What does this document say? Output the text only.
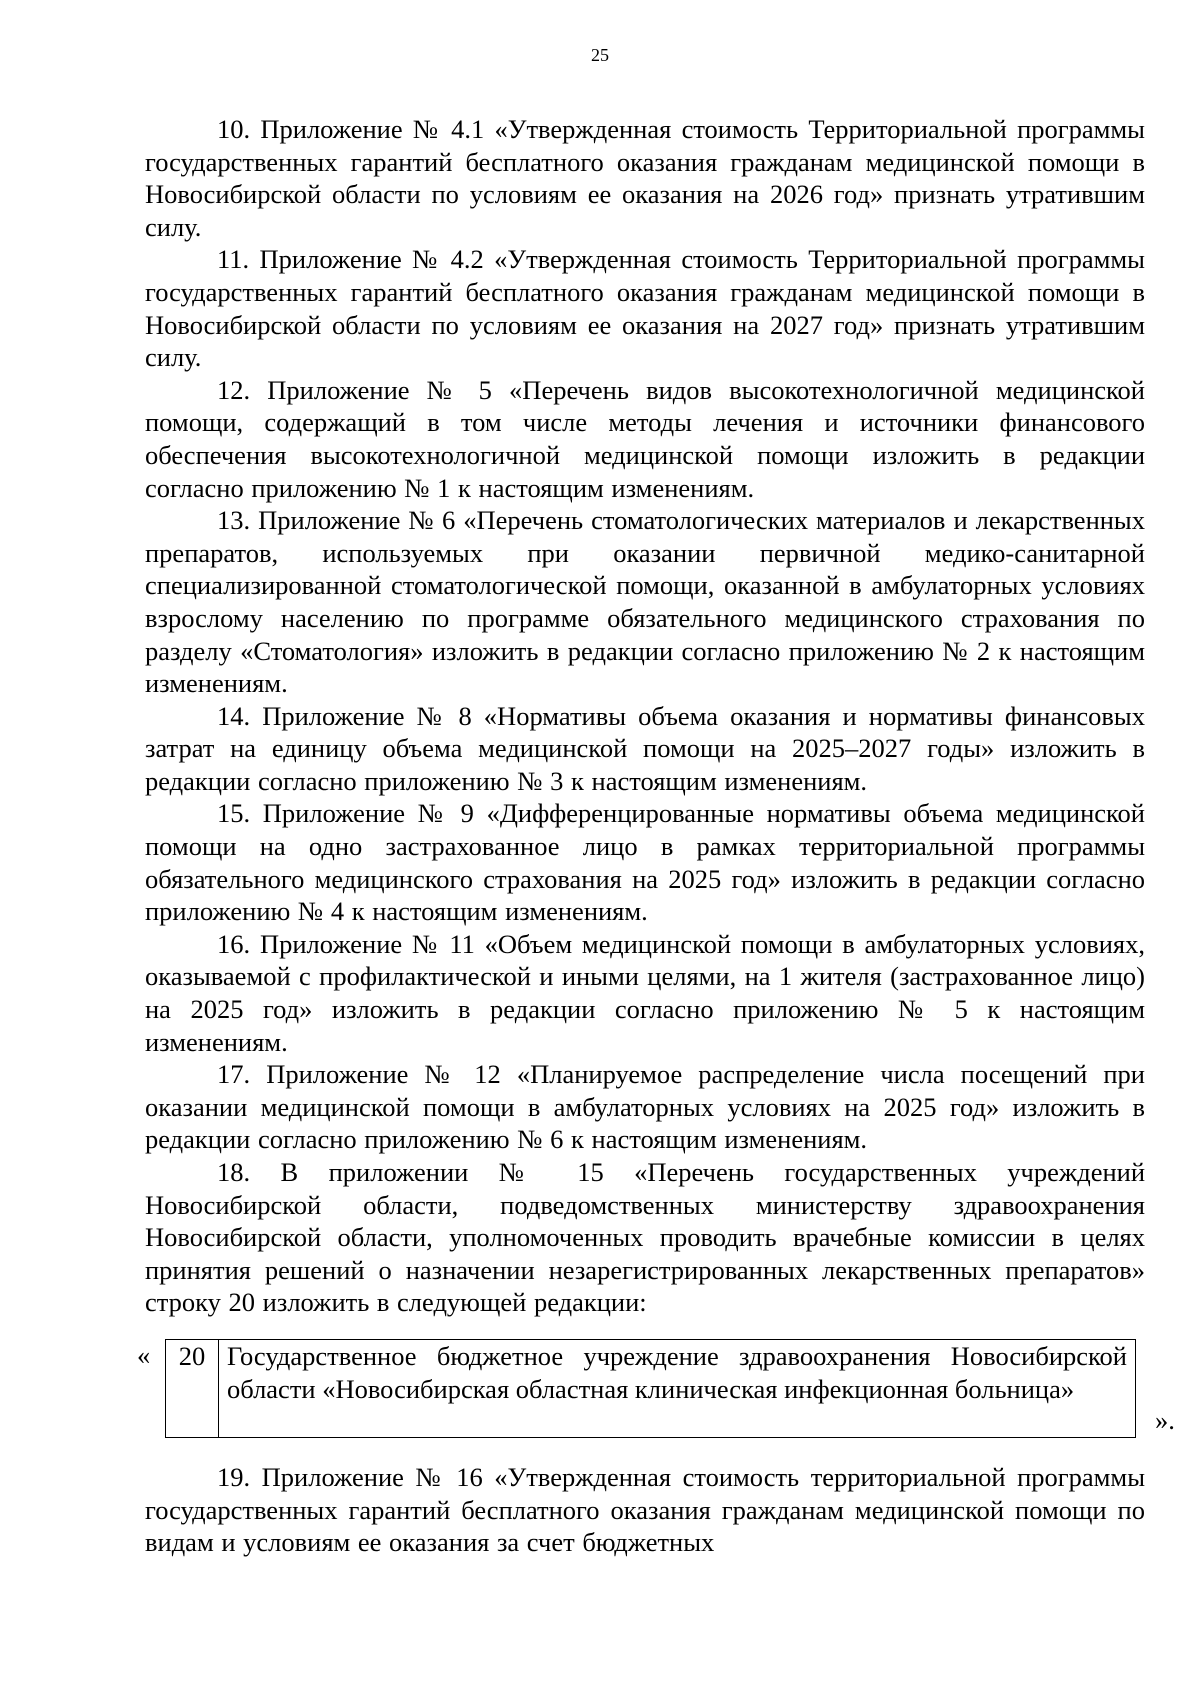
25

10. Приложение № 4.1 «Утвержденная стоимость Территориальной программы государственных гарантий бесплатного оказания гражданам медицинской помощи в Новосибирской области по условиям ее оказания на 2026 год» признать утратившим силу.

11. Приложение № 4.2 «Утвержденная стоимость Территориальной программы государственных гарантий бесплатного оказания гражданам медицинской помощи в Новосибирской области по условиям ее оказания на 2027 год» признать утратившим силу.

12. Приложение № 5 «Перечень видов высокотехнологичной медицинской помощи, содержащий в том числе методы лечения и источники финансового обеспечения высокотехнологичной медицинской помощи изложить в редакции согласно приложению № 1 к настоящим изменениям.

13. Приложение № 6 «Перечень стоматологических материалов и лекарственных препаратов, используемых при оказании первичной медико-санитарной специализированной стоматологической помощи, оказанной в амбулаторных условиях взрослому населению по программе обязательного медицинского страхования по разделу «Стоматология» изложить в редакции согласно приложению № 2 к настоящим изменениям.

14. Приложение № 8 «Нормативы объема оказания и нормативы финансовых затрат на единицу объема медицинской помощи на 2025–2027 годы» изложить в редакции согласно приложению № 3 к настоящим изменениям.

15. Приложение № 9 «Дифференцированные нормативы объема медицинской помощи на одно застрахованное лицо в рамках территориальной программы обязательного медицинского страхования на 2025 год» изложить в редакции согласно приложению № 4 к настоящим изменениям.

16. Приложение № 11 «Объем медицинской помощи в амбулаторных условиях, оказываемой с профилактической и иными целями, на 1 жителя (застрахованное лицо) на 2025 год» изложить в редакции согласно приложению № 5 к настоящим изменениям.

17. Приложение № 12 «Планируемое распределение числа посещений при оказании медицинской помощи в амбулаторных условиях на 2025 год» изложить в редакции согласно приложению № 6 к настоящим изменениям.

18. В приложении № 15 «Перечень государственных учреждений Новосибирской области, подведомственных министерству здравоохранения Новосибирской области, уполномоченных проводить врачебные комиссии в целях принятия решений о назначении незарегистрированных лекарственных препаратов» строку 20 изложить в следующей редакции:

« 20	Государственное бюджетное учреждение здравоохранения Новосибирской области «Новосибирская областная клиническая инфекционная больница»
».

19. Приложение № 16 «Утвержденная стоимость территориальной программы государственных гарантий бесплатного оказания гражданам медицинской помощи по видам и условиям ее оказания за счет бюджетных
